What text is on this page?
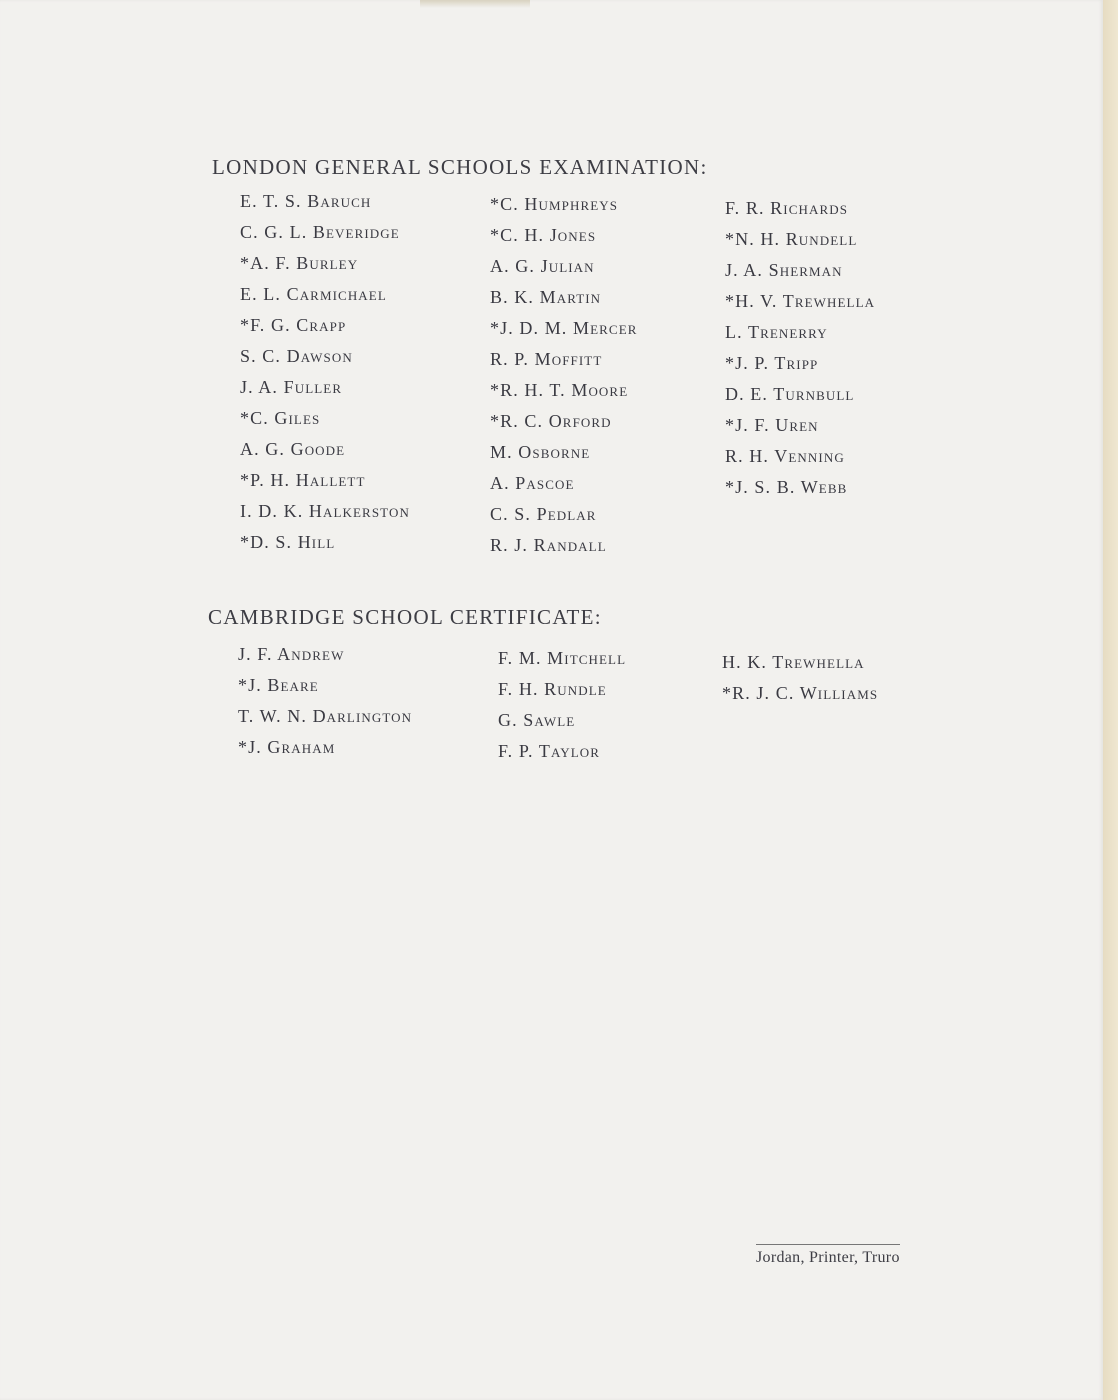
LONDON GENERAL SCHOOLS EXAMINATION:
E. T. S. Baruch
C. G. L. Beveridge
*A. F. Burley
E. L. Carmichael
*F. G. Crapp
S. C. Dawson
J. A. Fuller
*C. Giles
A. G. Goode
*P. H. Hallett
I. D. K. Halkerston
*D. S. Hill
*C. Humphreys
*C. H. Jones
A. G. Julian
B. K. Martin
*J. D. M. Mercer
R. P. Moffitt
*R. H. T. Moore
*R. C. Orford
M. Osborne
A. Pascoe
C. S. Pedlar
R. J. Randall
F. R. Richards
*N. H. Rundell
J. A. Sherman
*H. V. Trewhella
L. Trenerry
*J. P. Tripp
D. E. Turnbull
*J. F. Uren
R. H. Venning
*J. S. B. Webb
CAMBRIDGE SCHOOL CERTIFICATE:
J. F. Andrew
*J. Beare
T. W. N. Darlington
*J. Graham
F. M. Mitchell
F. H. Rundle
G. Sawle
F. P. Taylor
H. K. Trewhella
*R. J. C. Williams
Jordan, Printer, Truro
